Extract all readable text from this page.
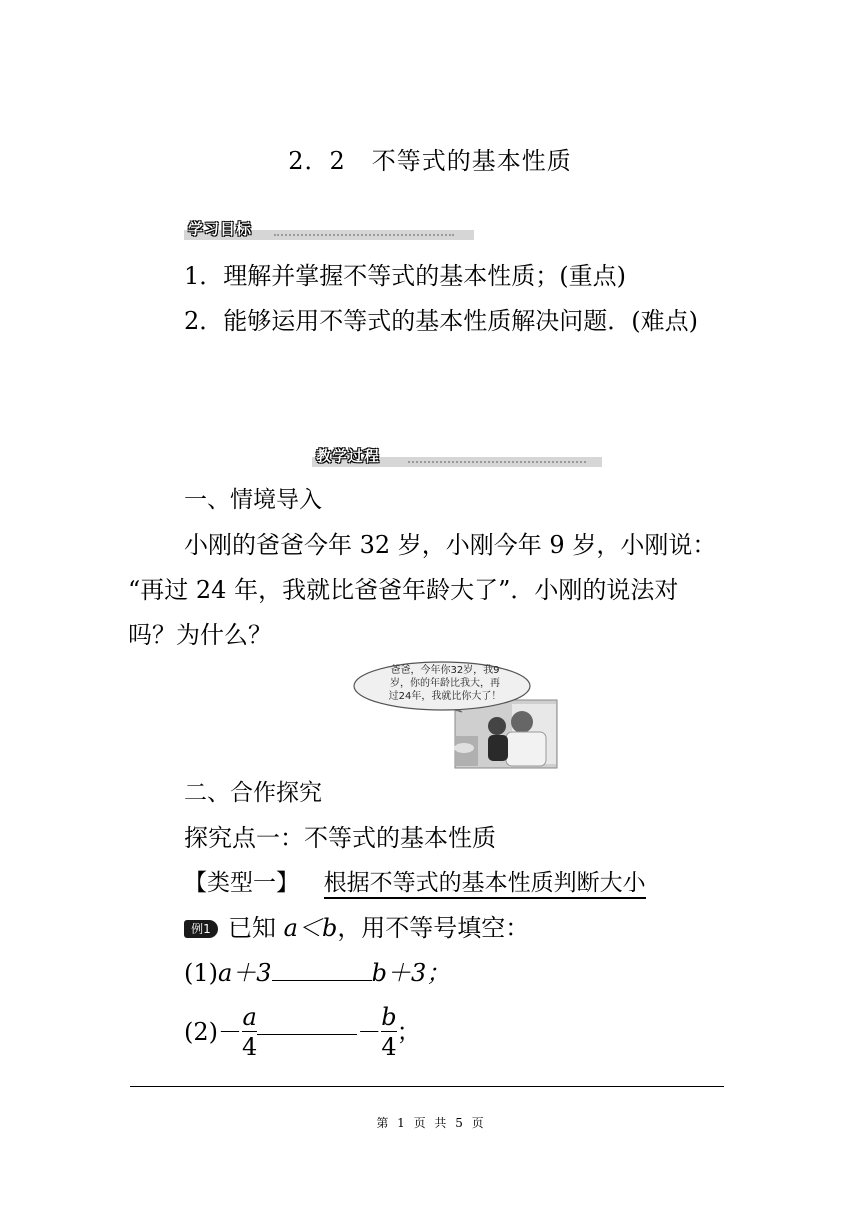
2．2 不等式的基本性质
学习目标
1．理解并掌握不等式的基本性质；(重点)
2．能够运用不等式的基本性质解决问题．(难点)
教学过程
一、情境导入
小刚的爸爸今年 32 岁，小刚今年 9 岁，小刚说：
“再过 24 年，我就比爸爸年龄大了”．小刚的说法对
吗？为什么？
爸爸，今年你32岁，我9
岁，你的年龄比我大，再
过24年，我就比你大了！
二、合作探究
探究点一：不等式的基本性质
【类型一】 根据不等式的基本性质判断大小
例1 已知 a＜b，用不等号填空：
(1)a＋3	b＋3；
$(2)- \frac{a}{4}$	－ $\frac{b}{4}$ ；
第 1 页 共 5 页
